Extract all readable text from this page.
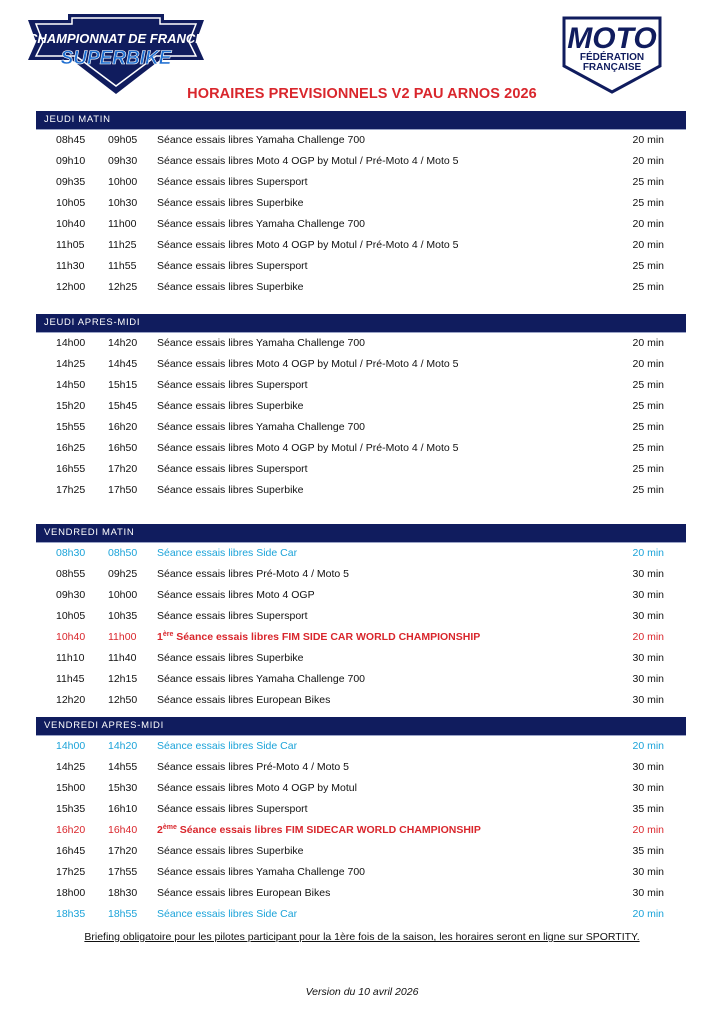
CHAMPIONNAT DE FRANCE
SUPERBIKE
MOTO
FÉDÉRATION
FRANÇAISE
HORAIRES PREVISIONNELS V2 PAU ARNOS 2026
JEUDI MATIN
08h45 09h05 Séance essais libres Yamaha Challenge 700	20 min
09h10 09h30 Séance essais libres Moto 4 OGP by Motul / Pré-Moto 4 / Moto 5	20 min
09h35 10h00 Séance essais libres Supersport	25 min
10h05 10h30 Séance essais libres Superbike	25 min
10h40 11h00 Séance essais libres Yamaha Challenge 700	20 min
11h05 11h25 Séance essais libres Moto 4 OGP by Motul / Pré-Moto 4 / Moto 5	20 min
11h30 11h55 Séance essais libres Supersport	25 min
12h00 12h25 Séance essais libres Superbike	25 min
JEUDI APRES-MIDI
14h00 14h20 Séance essais libres Yamaha Challenge 700	20 min
14h25 14h45 Séance essais libres Moto 4 OGP by Motul / Pré-Moto 4 / Moto 5	20 min
14h50 15h15 Séance essais libres Supersport	25 min
15h20 15h45 Séance essais libres Superbike	25 min
15h55 16h20 Séance essais libres Yamaha Challenge 700	25 min
16h25 16h50 Séance essais libres Moto 4 OGP by Motul / Pré-Moto 4 / Moto 5	25 min
16h55 17h20 Séance essais libres Supersport	25 min
17h25 17h50 Séance essais libres Superbike	25 min
VENDREDI MATIN
08h30 08h50 Séance essais libres Side Car	20 min
08h55 09h25 Séance essais libres Pré-Moto 4 / Moto 5	30 min
09h30 10h00 Séance essais libres Moto 4 OGP	30 min
10h05 10h35 Séance essais libres Supersport	30 min
10h40 11h00 1ère Séance essais libres FIM SIDE CAR WORLD CHAMPIONSHIP	20 min
11h10 11h40 Séance essais libres Superbike	30 min
11h45 12h15 Séance essais libres Yamaha Challenge 700	30 min
12h20 12h50 Séance essais libres European Bikes	30 min
VENDREDI APRES-MIDI
14h00 14h20 Séance essais libres Side Car	20 min
14h25 14h55 Séance essais libres Pré-Moto 4 / Moto 5	30 min
15h00 15h30 Séance essais libres Moto 4 OGP by Motul	30 min
15h35 16h10 Séance essais libres Supersport	35 min
16h20 16h40 2ème Séance essais libres FIM SIDECAR WORLD CHAMPIONSHIP	20 min
16h45 17h20 Séance essais libres Superbike	35 min
17h25 17h55 Séance essais libres Yamaha Challenge 700	30 min
18h00 18h30 Séance essais libres European Bikes	30 min
18h35 18h55 Séance essais libres Side Car	20 min
Briefing obligatoire pour les pilotes participant pour la 1ère fois de la saison, les horaires seront en ligne sur SPORTITY.
Version du 10 avril 2026
